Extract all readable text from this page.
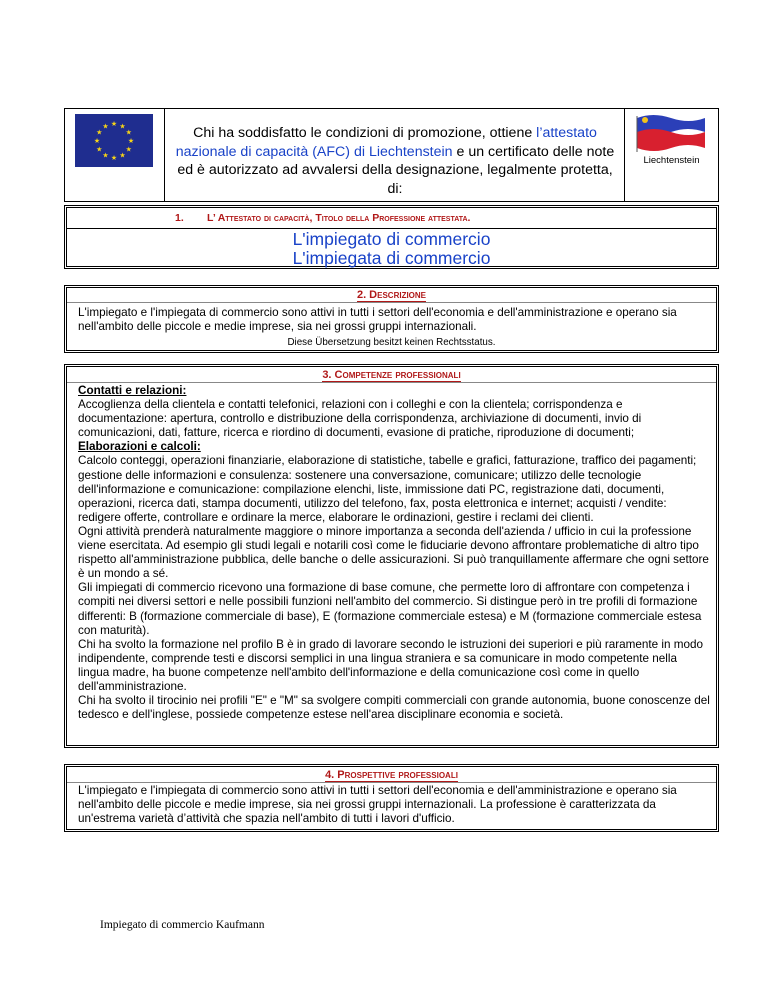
★ ★
★
★
★
★
★
★
★
★
★
★	Chi ha soddisfatto le condizioni di promozione, ottiene l’attestato nazionale di capacità (AFC) di Liechtenstein e un certificato delle note ed è autorizzato ad avvalersi della designazione, legalmente protetta, di:
Liechtenstein
1. L’ Attestato di capacità, Titolo della Professione attestata.
L'impiegato di commercio
L'impiegata di commercio
2. Descrizione
L'impiegato e l'impiegata di commercio sono attivi in tutti i settori dell'economia e dell'amministrazione e operano sia nell'ambito delle piccole e medie imprese, sia nei grossi gruppi internazionali.
Diese Übersetzung besitzt keinen Rechtsstatus.
3. Competenze professionali
Contatti e relazioni:
Accoglienza della clientela e contatti telefonici, relazioni con i colleghi e con la clientela; corrispondenza e documentazione: apertura, controllo e distribuzione della corrispondenza, archiviazione di documenti, invio di comunicazioni, dati, fatture, ricerca e riordino di documenti, evasione di pratiche, riproduzione di documenti;
Elaborazioni e calcoli:
Calcolo conteggi, operazioni finanziarie, elaborazione di statistiche, tabelle e grafici, fatturazione, traffico dei pagamenti; gestione delle informazioni e consulenza: sostenere una conversazione, comunicare; utilizzo delle tecnologie dell'informazione e comunicazione: compilazione elenchi, liste, immissione dati PC, registrazione dati, documenti, operazioni, ricerca dati, stampa documenti, utilizzo del telefono, fax, posta elettronica e internet; acquisti / vendite: redigere offerte, controllare e ordinare la merce, elaborare le ordinazioni, gestire i reclami dei clienti.
Ogni attività prenderà naturalmente maggiore o minore importanza a seconda dell'azienda / ufficio in cui la professione viene esercitata. Ad esempio gli studi legali e notarili così come le fiduciarie devono affrontare problematiche di altro tipo rispetto all'amministrazione pubblica, delle banche o delle assicurazioni. Si può tranquillamente affermare che ogni settore è un mondo a sé.
Gli impiegati di commercio ricevono una formazione di base comune, che permette loro di affrontare con competenza i compiti nei diversi settori e nelle possibili funzioni nell'ambito del commercio. Si distingue però in tre profili di formazione differenti: B (formazione commerciale di base), E (formazione commerciale estesa) e M (formazione commerciale estesa con maturità).
Chi ha svolto la formazione nel profilo B è in grado di lavorare secondo le istruzioni dei superiori e più raramente in modo indipendente, comprende testi e discorsi semplici in una lingua straniera e sa comunicare in modo competente nella lingua madre, ha buone competenze nell'ambito dell'informazione e della comunicazione così come in quello dell'amministrazione.
Chi ha svolto il tirocinio nei profili "E" e "M" sa svolgere compiti commerciali con grande autonomia, buone conoscenze del tedesco e dell'inglese, possiede competenze estese nell'area disciplinare economia e società.
4. Prospettive professioali
L'impiegato e l'impiegata di commercio sono attivi in tutti i settori dell'economia e dell'amministrazione e operano sia nell'ambito delle piccole e medie imprese, sia nei grossi gruppi internazionali. La professione è caratterizzata da un'estrema varietà d’attività che spazia nell'ambito di tutti i lavori d'ufficio.
Impiegato di commercio Kaufmann
